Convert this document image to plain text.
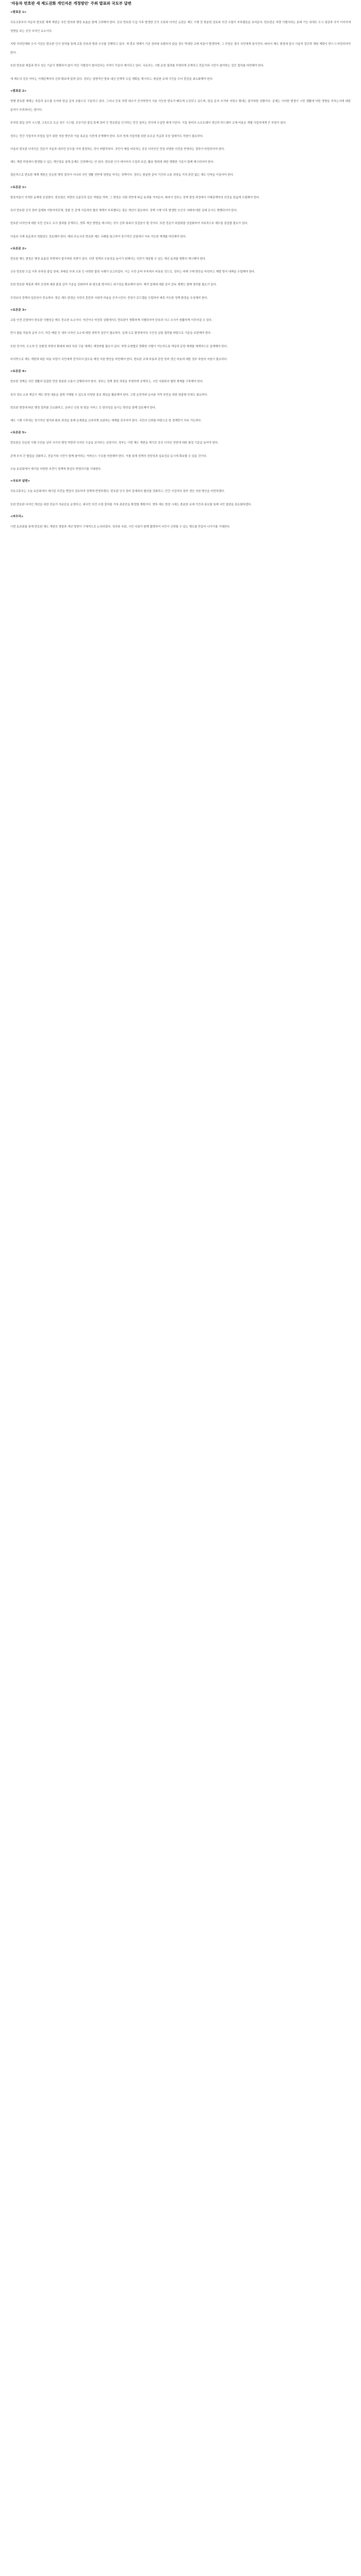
'자동차 번호판 세 제도권화 개인자본 개정방안' 주최 발표와 국토부 답변
<발표문 1>

국토교통부의 자동차 번호판 체계 개편은 국민 편의와 행정 효율을 함께 고려해야 한다. 신규 번호판 도입 이후 발생한 인식 오류와 디자인 논란은 제도 시행 전 충분한 검토와 의견 수렴이 부족했음을 보여준다. 번호판은 차량 식별이라는 본래 기능 외에도 도시 경관과 국가 이미지에 영향을 주는 공공 디자인 요소이다.

지방 자치단체와 수사 기관은 번호판 인식 장치를 통해 교통 단속과 범죄 수사를 진행하고 있다. 새 번호 체계가 기존 장비와 호환되지 않을 경우 막대한 교체 비용이 발생하며, 그 부담은 결국 국민에게 돌아간다. 따라서 제도 변경에 앞서 기술적 검증과 재원 계획이 반드시 마련되어야 한다.

또한 번호판 재질과 반사 성능 기준이 명확하지 않아 야간 식별성이 떨어진다는 지적이 꾸준히 제기되고 있다. 국토부는 시범 운영 결과를 투명하게 공개하고 전문가와 시민이 참여하는 검증 절차를 마련해야 한다.

새 제도의 성공 여부는 이해관계자의 신뢰 확보에 달려 있다. 정부는 일방적인 발표 대신 단계적 도입 계획을 제시하고, 충분한 유예 기간을 두어 혼란을 최소화해야 한다.

<발표문 2>

현행 번호판 체계는 차종과 용도를 숫자와 한글 문자 조합으로 구분하고 있다. 그러나 등록 차량 대수가 증가하면서 사용 가능한 번호가 빠르게 소진되고 있으며, 한글 문자 추가와 자릿수 확대는 불가피한 상황이다. 문제는 이러한 변경이 시민 생활에 어떤 영향을 미치는지에 대한 분석이 부족하다는 점이다.

주차장 출입 관리 시스템, 고속도로 요금 징수 시스템, 공공기관 출입 통제 장비 등 번호판을 인식하는 민간 설비는 전국에 수십만 대에 이른다. 이들 장비의 소프트웨어 갱신과 하드웨어 교체 비용은 개별 사업자에게 큰 부담이 된다.

정부는 민간 사업자의 부담을 덜기 위한 지원 방안과 기술 표준을 사전에 공개해야 한다. 특히 영세 사업자를 위한 보조금 지급과 무상 업데이트 지원이 필요하다.

아울러 번호판 디자인은 전문가 자문과 대국민 공모를 거쳐 결정하는 것이 바람직하다. 국민이 매일 마주하는 공공 디자인인 만큼 다양한 의견을 반영하는 절차가 마련되어야 한다.

제도 개편 과정에서 발생할 수 있는 개인정보 침해 문제도 간과해서는 안 된다. 번호판 인식 데이터의 수집과 보관, 활용 범위에 대한 명확한 기준이 함께 제시되어야 한다.

결론적으로 번호판 체계 개편은 단순한 행정 절차가 아니라 국민 생활 전반에 영향을 미치는 정책이다. 정부는 충분한 준비 기간과 소통 과정을 거쳐 혼란 없는 제도 안착을 이끌어야 한다.

<토론문 1>

발표자들이 지적한 문제에 공감한다. 번호판은 차량의 신분증과 같은 역할을 하며, 그 변경은 사회 전반에 파급 효과를 가져온다. 따라서 정부는 정책 결정 과정에서 이해관계자의 의견을 폭넓게 수렴해야 한다.

특히 번호판 인식 장비 업계와 지방자치단체, 경찰 등 관계 기관과의 협의 체계가 부족했다는 점은 개선이 필요하다. 정책 시행 이후 발생한 오인식 사례에 대한 실태 조사도 병행되어야 한다.

번호판 디자인에 대한 국민 선호도 조사 결과를 공개하고, 향후 개선 방향을 제시하는 것이 신뢰 회복의 첫걸음이 될 것이다. 또한 전문가 위원회를 상설화하여 지속적으로 제도를 점검할 필요가 있다.

아울러 국제 표준과의 정합성도 검토해야 한다. 해외 주요국의 번호판 제도 사례를 참고하여 장기적인 관점에서 지속 가능한 체계를 마련해야 한다.

<토론문 2>

번호판 제도 변경은 행정 효율성 측면에서 불가피한 측면이 있다. 다만 정책의 수용성을 높이기 위해서는 국민이 체감할 수 있는 개선 효과를 명확히 제시해야 한다.

신규 번호판 도입 이후 주차장 출입 장애, 과태료 부과 오류 등 다양한 불편 사례가 보고되었다. 이는 사전 준비 부족에서 비롯된 것으로, 정부는 피해 구제 방안을 마련하고 재발 방지 대책을 수립해야 한다.

또한 번호판 재질과 제작 공정에 대한 품질 관리 기준을 강화하여 위·변조를 방지하고 내구성을 확보해야 한다. 제작 업체에 대한 관리 감독 체계도 함께 정비할 필요가 있다.

무엇보다 정책의 일관성이 중요하다. 잦은 제도 변경은 국민의 혼란과 사회적 비용을 증가시킨다. 중장기 로드맵을 수립하여 예측 가능한 정책 환경을 조성해야 한다.

<토론문 3>

교통 안전 관점에서 번호판 식별성은 매우 중요한 요소이다. 야간이나 악천후 상황에서도 번호판이 명확하게 식별되어야 단속과 사고 조사가 원활하게 이루어질 수 있다.

반사 필름 적용과 글자 크기, 자간 배열 등 세부 디자인 요소에 대한 과학적 검증이 필요하다. 실제 도로 환경에서의 시인성 실험 결과를 바탕으로 기준을 보완해야 한다.

또한 전기차, 수소차 등 친환경 차량의 확대에 따라 차종 구분 체계도 재정비할 필요가 있다. 차량 유형별로 명확한 식별이 가능하도록 색상과 문양 체계를 체계적으로 설계해야 한다.

마지막으로 제도 개편에 따른 비용 부담이 국민에게 전가되지 않도록 재정 지원 방안을 마련해야 한다. 번호판 교체 비용과 관련 장비 갱신 비용에 대한 정부 차원의 지원이 필요하다.

<토론문 4>

번호판 정책은 국민 생활과 밀접한 만큼 충분한 소통이 선행되어야 한다. 정부는 정책 결정 과정을 투명하게 공개하고, 시민 사회와의 협력 체계를 구축해야 한다.

특히 정보 소외 계층이 제도 변경 내용을 쉽게 이해할 수 있도록 다양한 홍보 채널을 활용해야 한다. 고령 운전자와 농어촌 지역 주민을 위한 맞춤형 안내도 필요하다.

번호판 변경에 따른 행정 절차를 간소화하고, 온라인 신청 및 방문 서비스 등 편의성을 높이는 방안을 함께 검토해야 한다.

제도 시행 이후에는 정기적인 평가와 환류 과정을 통해 문제점을 신속하게 보완하는 체계를 갖추어야 한다. 국민의 신뢰를 바탕으로 한 정책만이 지속 가능하다.

<토론문 5>

번호판은 단순한 식별 수단을 넘어 국가의 행정 역량과 디자인 수준을 보여주는 상징이다. 정부는 이번 제도 개편을 계기로 공공 디자인 전반에 대한 품질 기준을 높여야 한다.

관계 부처 간 협업을 강화하고, 전문가와 시민이 함께 참여하는 거버넌스 구조를 마련해야 한다. 이를 통해 정책의 정당성과 실효성을 동시에 확보할 수 있을 것이다.

오늘 토론회에서 제기된 다양한 의견이 정책에 충실히 반영되기를 기대한다.

<국토부 답변>

국토교통부는 오늘 토론회에서 제기된 의견을 면밀히 검토하여 정책에 반영하겠다. 번호판 인식 장비 업계와의 협의를 강화하고, 민간 사업자의 장비 갱신 지원 방안을 마련하겠다.

또한 번호판 디자인 개선을 위한 전문가 자문단을 운영하고, 대국민 의견 수렴 절차를 거쳐 최종안을 확정할 계획이다. 향후 제도 변경 시에는 충분한 유예 기간과 홍보를 통해 국민 불편을 최소화하겠다.

<마무리>

이번 토론회를 통해 번호판 제도 개편의 쟁점과 개선 방향이 구체적으로 논의되었다. 정부와 국회, 시민 사회가 함께 협력하여 국민이 신뢰할 수 있는 제도를 만들어 나가기를 기대한다.
